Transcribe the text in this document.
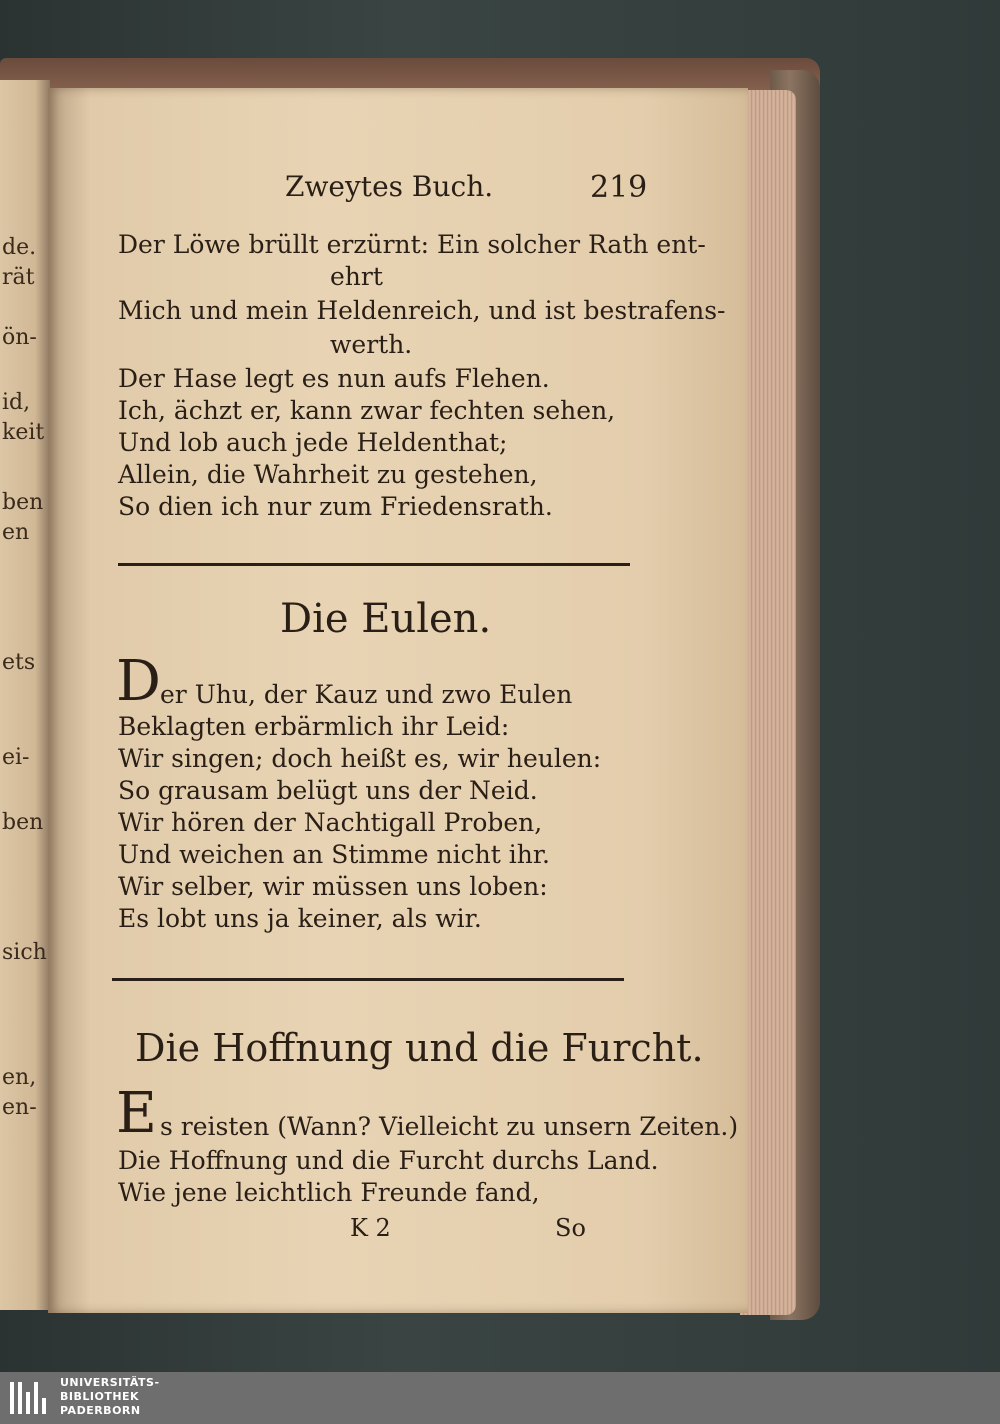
de.
rät
ön-
id,
keit
ben
en
ets
ei-
ben
sich
en,
en-
Zweytes Buch.	219
Der Löwe brüllt erzürnt: Ein solcher Rath ent-
ehrt
Mich und mein Heldenreich, und ist bestrafens-
werth.
Der Hase legt es nun aufs Flehen.
Ich, ächzt er, kann zwar fechten sehen,
Und lob auch jede Heldenthat;
Allein, die Wahrheit zu gestehen,
So dien ich nur zum Friedensrath.
Die Eulen.
D er Uhu, der Kauz und zwo Eulen
Beklagten erbärmlich ihr Leid:
Wir singen; doch heißt es, wir heulen:
So grausam belügt uns der Neid.
Wir hören der Nachtigall Proben,
Und weichen an Stimme nicht ihr.
Wir selber, wir müssen uns loben:
Es lobt uns ja keiner, als wir.
Die Hoffnung und die Furcht.
E s reisten (Wann? Vielleicht zu unsern Zeiten.)
Die Hoffnung und die Furcht durchs Land.
Wie jene leichtlich Freunde fand,
K 2	So
UNIVERSITÄTS-
BIBLIOTHEK
PADERBORN
